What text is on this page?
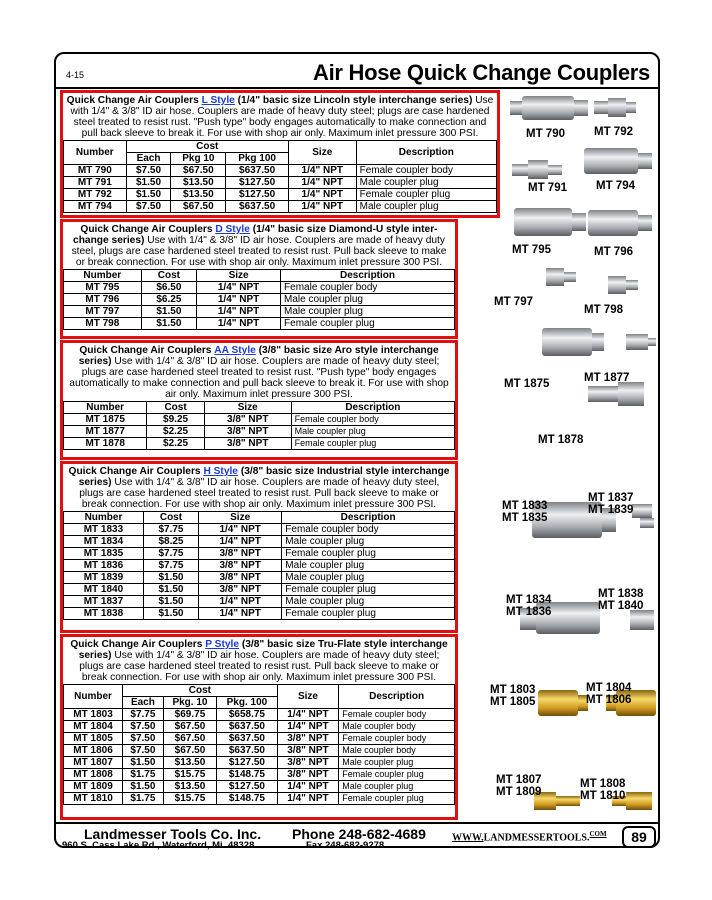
4-15	Air Hose Quick Change Couplers
Quick Change Air Couplers L Style (1/4" basic size Lincoln style interchange series) Use with 1/4" & 3/8" ID air hose. Couplers are made of heavy duty steel; plugs are case hardened steel treated to resist rust. "Push type" body engages automatically to make connection and pull back sleeve to break it. For use with shop air only. Maximum inlet pressure 300 PSI.
Number	Cost			Size	Description
	Each	Pkg 10	Pkg 100		
MT 790	$7.50	$67.50	$637.50	1/4" NPT	Female coupler body
MT 791	$1.50	$13.50	$127.50	1/4" NPT	Male coupler plug
MT 792	$1.50	$13.50	$127.50	1/4" NPT	Female coupler plug
MT 794	$7.50	$67.50	$637.50	1/4" NPT	Male coupler plug
Quick Change Air Couplers D Style (1/4" basic size Diamond-U style inter-change series) Use with 1/4" & 3/8" ID air hose. Couplers are made of heavy duty steel, plugs are case hardened steel treated to resist rust. Pull back sleeve to make or break connection. For use with shop air only. Maximum inlet pressure 300 PSI.
Number	Cost	Size	Description
MT 795	$6.50	1/4" NPT	Female coupler body
MT 796	$6.25	1/4" NPT	Male coupler plug
MT 797	$1.50	1/4" NPT	Male coupler plug
MT 798	$1.50	1/4" NPT	Female coupler plug
Quick Change Air Couplers AA Style (3/8" basic size Aro style interchange series) Use with 1/4" & 3/8" ID air hose. Couplers are made of heavy duty steel; plugs are case hardened steel treated to resist rust. "Push type" body engages automatically to make connection and pull back sleeve to break it. For use with shop air only. Maximum inlet pressure 300 PSI.
Number	Cost	Size	Description
MT 1875	$9.25	3/8" NPT	Female coupler body
MT 1877	$2.25	3/8" NPT	Male coupler plug
MT 1878	$2.25	3/8" NPT	Female coupler plug
Quick Change Air Couplers H Style (3/8" basic size Industrial style interchange series) Use with 1/4" & 3/8" ID air hose. Couplers are made of heavy duty steel, plugs are case hardened steel treated to resist rust. Pull back sleeve to make or break connection. For use with shop air only. Maximum inlet pressure 300 PSI.
Number	Cost	Size	Description
MT 1833	$7.75	1/4" NPT	Female coupler body
MT 1834	$8.25	1/4" NPT	Male coupler plug
MT 1835	$7.75	3/8" NPT	Female coupler plug
MT 1836	$7.75	3/8" NPT	Male coupler plug
MT 1839	$1.50	3/8" NPT	Male coupler plug
MT 1840	$1.50	3/8" NPT	Female coupler plug
MT 1837	$1.50	1/4" NPT	Male coupler plug
MT 1838	$1.50	1/4" NPT	Female coupler plug
Quick Change Air Couplers P Style (3/8" basic size Tru-Flate style interchange series) Use with 1/4" & 3/8" ID air hose. Couplers are made of heavy duty steel; plugs are case hardened steel treated to resist rust. Pull back sleeve to make or break connection. For use with shop air only. Maximum inlet pressure 300 PSI.
Number	Cost			Size	Description
	Each	Pkg. 10	Pkg. 100		
MT 1803	$7.75	$69.75	$658.75	1/4" NPT	Female coupler body
MT 1804	$7.50	$67.50	$637.50	1/4" NPT	Male coupler body
MT 1805	$7.50	$67.50	$637.50	3/8" NPT	Female coupler body
MT 1806	$7.50	$67.50	$637.50	3/8" NPT	Male coupler body
MT 1807	$1.50	$13.50	$127.50	3/8" NPT	Male coupler plug
MT 1808	$1.75	$15.75	$148.75	3/8" NPT	Female coupler plug
MT 1809	$1.50	$13.50	$127.50	1/4" NPT	Male coupler plug
MT 1810	$1.75	$15.75	$148.75	1/4" NPT	Female coupler plug
MT 790	MT 792
MT 791	MT 794
MT 795	MT 796
MT 797
MT 798
MT 1875	MT 1877
MT 1878
MT 1833
MT 1835
MT 1837
MT 1839
MT 1834
MT 1836
MT 1838
MT 1840
MT 1803
MT 1805
MT 1804
MT 1806
MT 1807
MT 1809
MT 1808
MT 1810
Landmesser Tools Co. Inc.
960 S. Cass Lake Rd., Waterford, Mi. 48328
Phone 248-682-4689
Fax 248-682-9278
WWW.LANDMESSERTOOLS.$^{COM}$	89
